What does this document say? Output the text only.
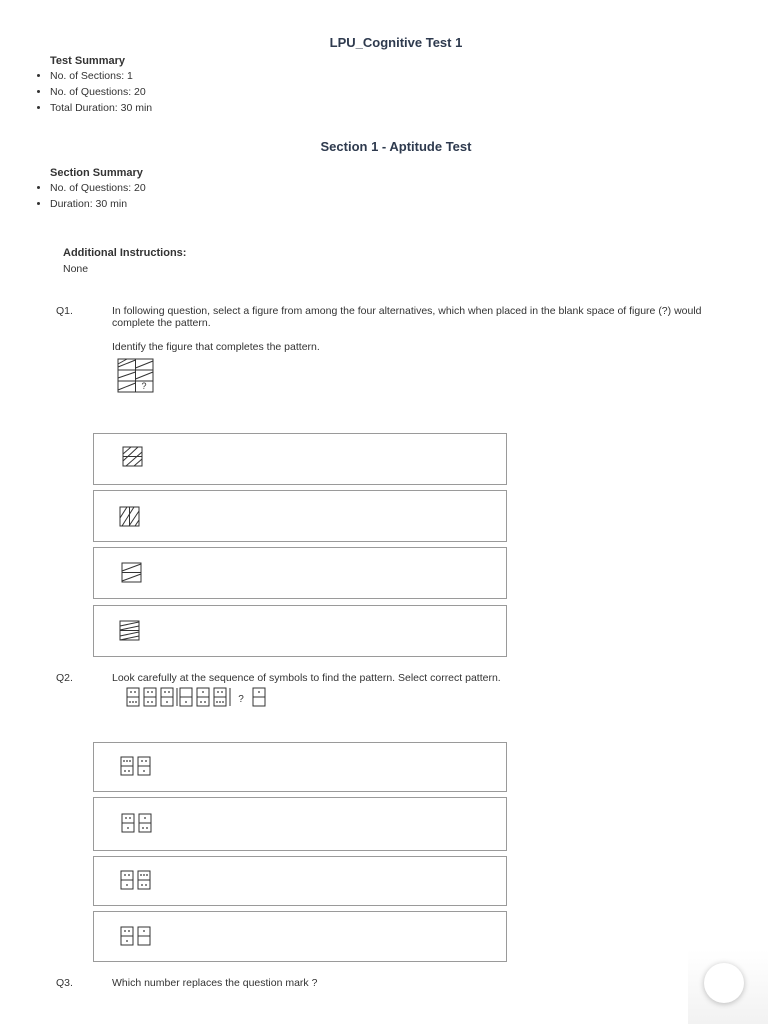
LPU_Cognitive Test 1
Test Summary
• No. of Sections: 1
• No. of Questions: 20
• Total Duration: 30 min
Section 1 - Aptitude Test
Section Summary
• No. of Questions: 20
• Duration: 30 min
Additional Instructions:
None
Q1.	In following question, select a figure from among the four alternatives, which when placed in the blank space of figure (?) would complete the pattern.
Identify the figure that completes the pattern.
?
Q2.	Look carefully at the sequence of symbols to find the pattern. Select correct pattern.
?
Q3.	Which number replaces the question mark ?
